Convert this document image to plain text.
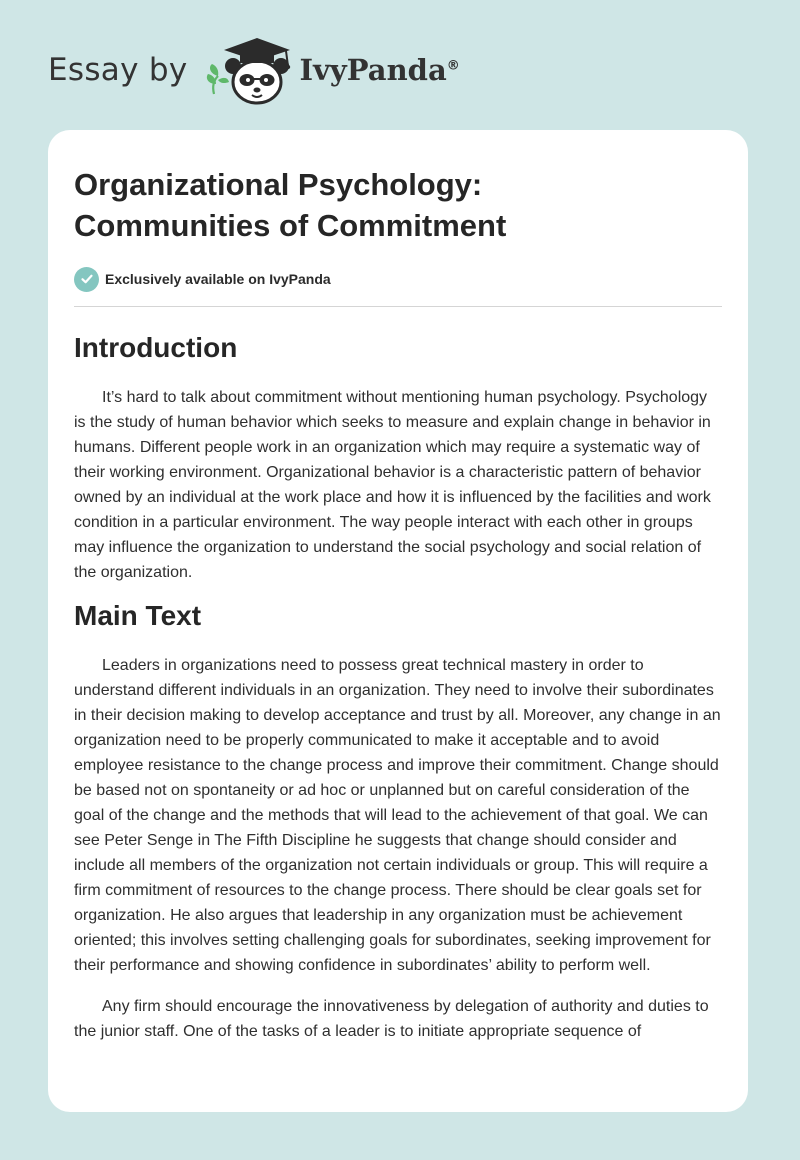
Essay by	IvyPanda®
Organizational Psychology:
Communities of Commitment
Exclusively available on IvyPanda
Introduction

It’s hard to talk about commitment without mentioning human psychology. Psychology is the study of human behavior which seeks to measure and explain change in behavior in humans. Different people work in an organization which may require a systematic way of their working environment. Organizational behavior is a characteristic pattern of behavior owned by an individual at the work place and how it is influenced by the facilities and work condition in a particular environment. The way people interact with each other in groups may influence the organization to understand the social psychology and social relation of the organization.

Main Text

Leaders in organizations need to possess great technical mastery in order to understand different individuals in an organization. They need to involve their subordinates in their decision making to develop acceptance and trust by all. Moreover, any change in an organization need to be properly communicated to make it acceptable and to avoid employee resistance to the change process and improve their commitment. Change should be based not on spontaneity or ad hoc or unplanned but on careful consideration of the goal of the change and the methods that will lead to the achievement of that goal. We can see Peter Senge in The Fifth Discipline he suggests that change should consider and include all members of the organization not certain individuals or group. This will require a firm commitment of resources to the change process. There should be clear goals set for organization. He also argues that leadership in any organization must be achievement oriented; this involves setting challenging goals for subordinates, seeking improvement for their performance and showing confidence in subordinates’ ability to perform well.

Any firm should encourage the innovativeness by delegation of authority and duties to the junior staff. One of the tasks of a leader is to initiate appropriate sequence of
